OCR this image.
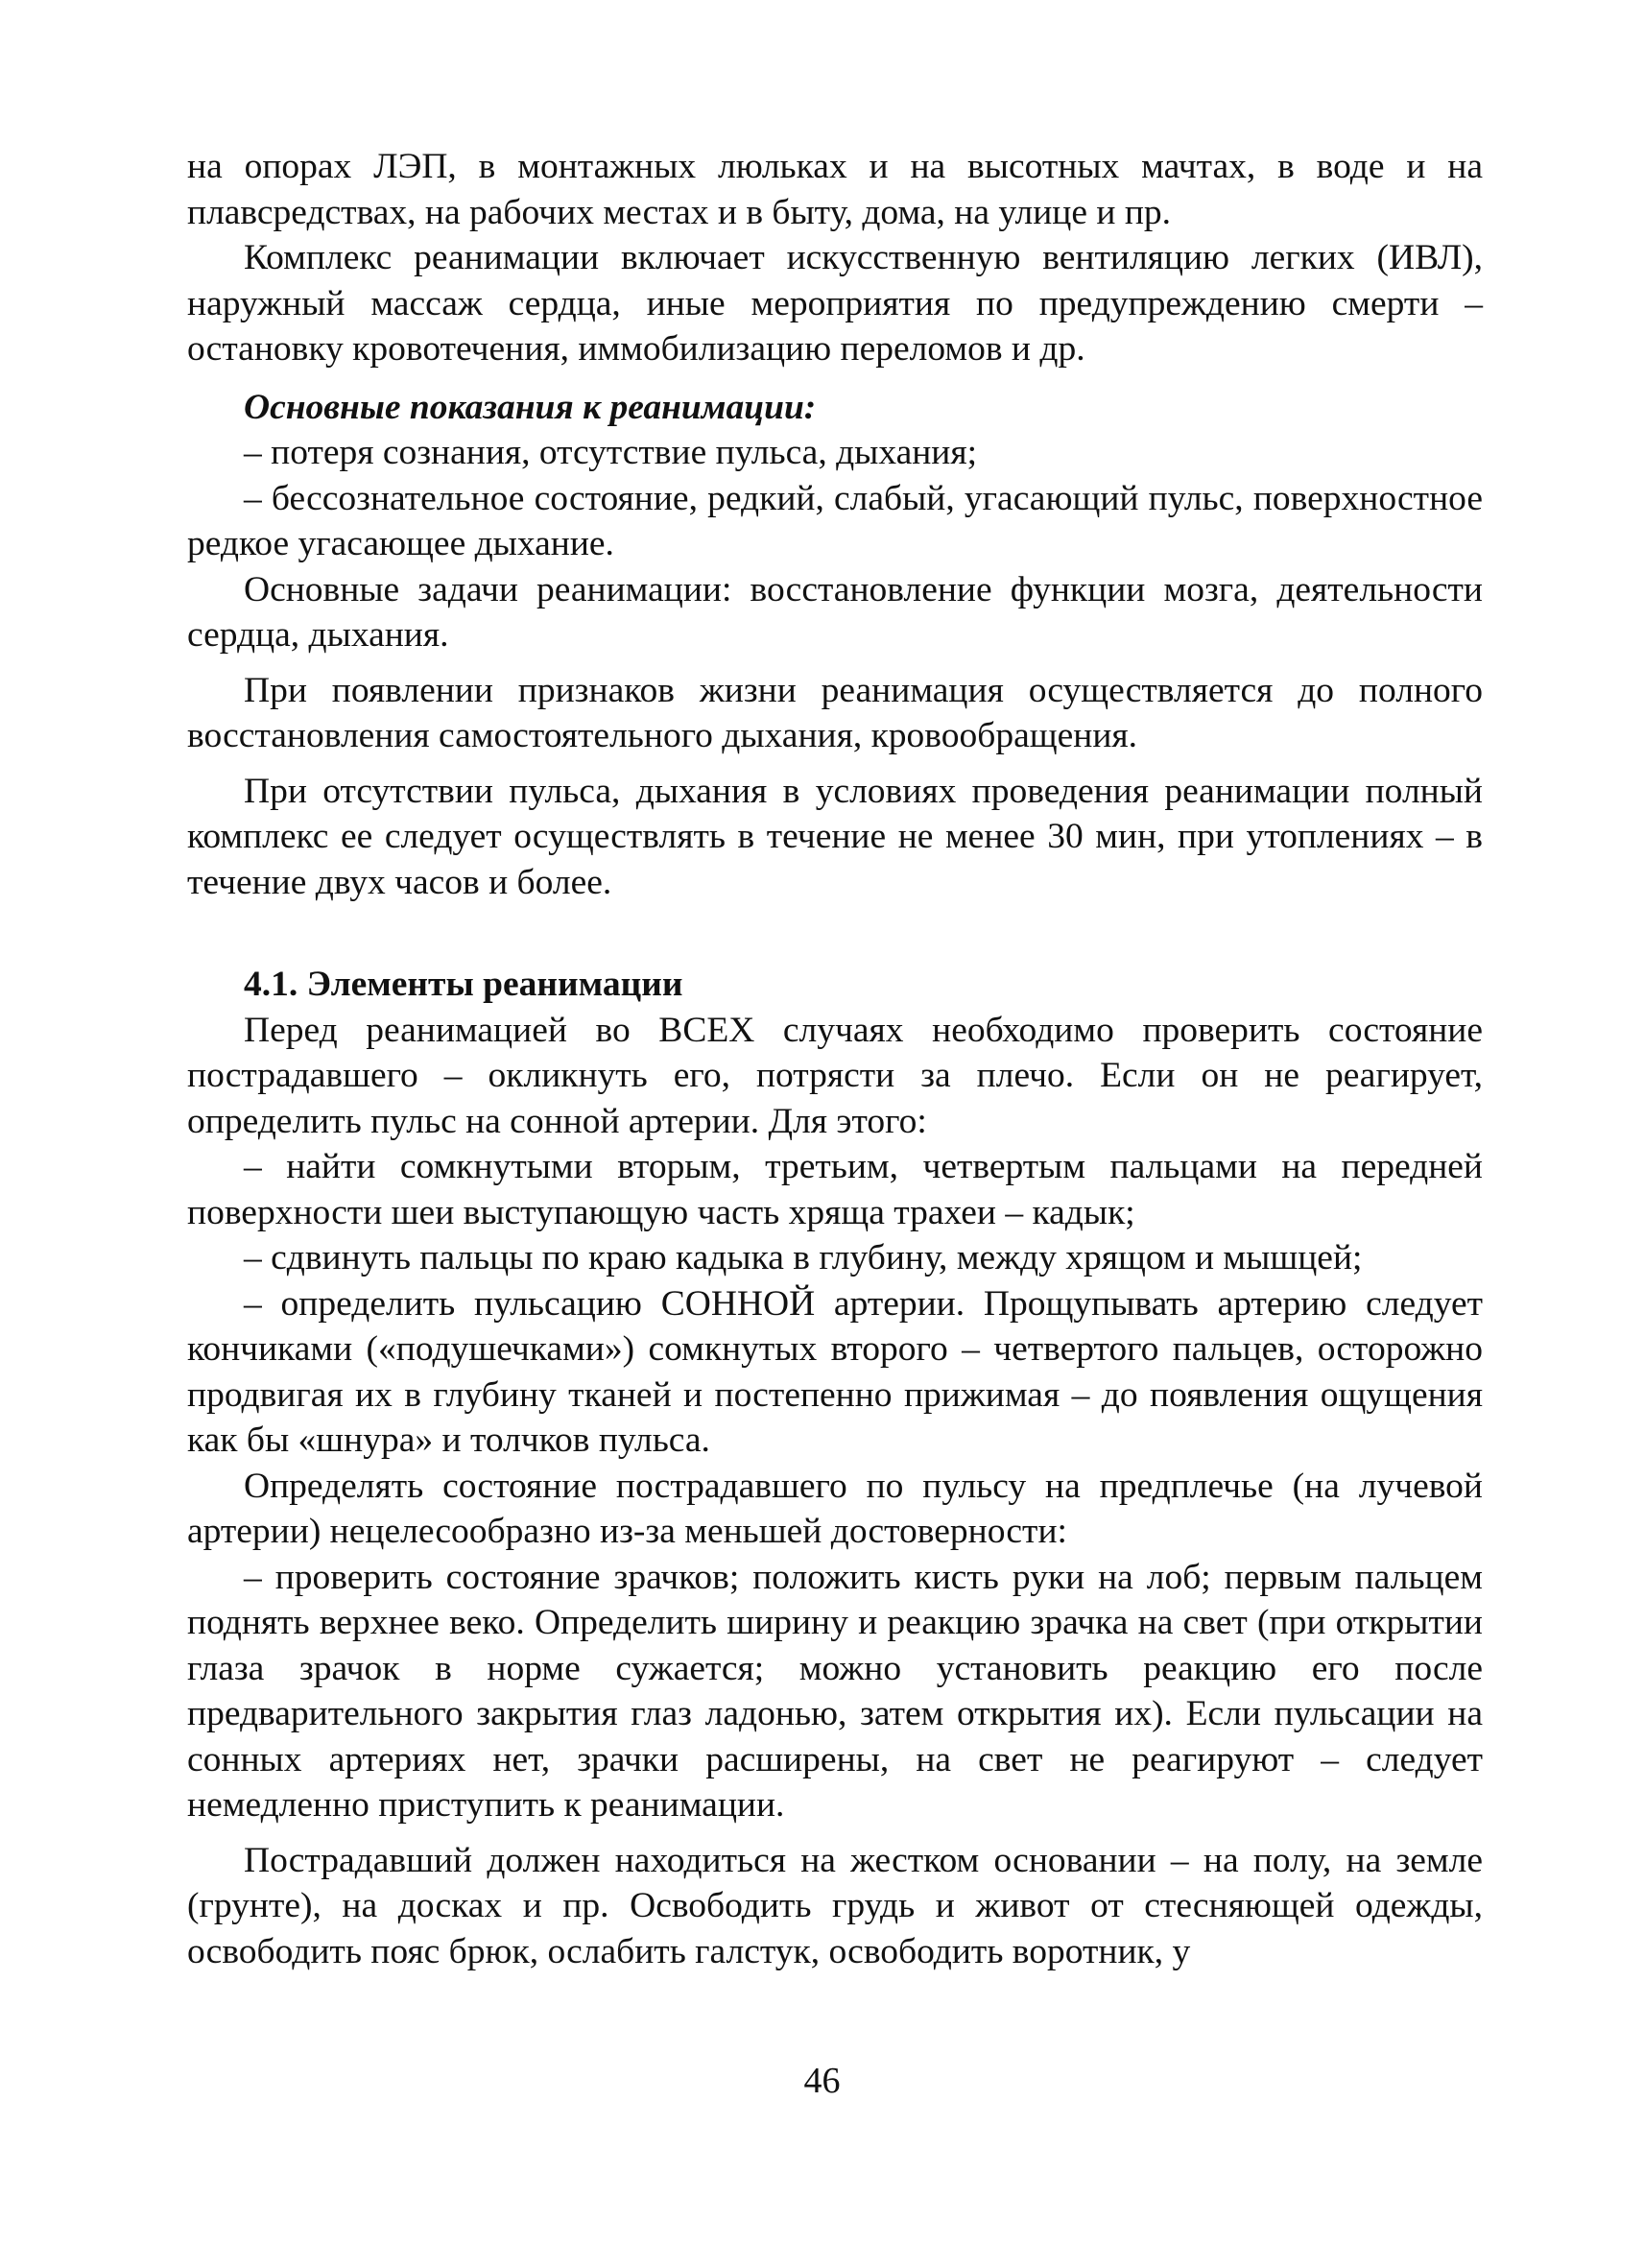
на опорах ЛЭП, в монтажных люльках и на высотных мачтах, в воде и на плавсредствах, на рабочих местах и в быту, дома, на улице и пр.

Комплекс реанимации включает искусственную вентиляцию легких (ИВЛ), наружный массаж сердца, иные мероприятия по предупреждению смерти – остановку кровотечения, иммобилизацию переломов и др.

Основные показания к реанимации:

– потеря сознания, отсутствие пульса, дыхания;

– бессознательное состояние, редкий, слабый, угасающий пульс, поверхностное редкое угасающее дыхание.

Основные задачи реанимации: восстановление функции мозга, деятельности сердца, дыхания.

При появлении признаков жизни реанимация осуществляется до полного восстановления самостоятельного дыхания, кровообращения.

При отсутствии пульса, дыхания в условиях проведения реанимации полный комплекс ее следует осуществлять в течение не менее 30 мин, при утоплениях – в течение двух часов и более.

4.1. Элементы реанимации

Перед реанимацией во ВСЕХ случаях необходимо проверить состояние пострадавшего – окликнуть его, потрясти за плечо. Если он не реагирует, определить пульс на сонной артерии. Для этого:

– найти сомкнутыми вторым, третьим, четвертым пальцами на передней поверхности шеи выступающую часть хряща трахеи – кадык;

– сдвинуть пальцы по краю кадыка в глубину, между хрящом и мышцей;

– определить пульсацию СОННОЙ артерии. Прощупывать артерию следует кончиками («подушечками») сомкнутых второго – четвертого пальцев, осторожно продвигая их в глубину тканей и постепенно прижимая – до появления ощущения как бы «шнура» и толчков пульса.

Определять состояние пострадавшего по пульсу на предплечье (на лучевой артерии) нецелесообразно из-за меньшей достоверности:

– проверить состояние зрачков; положить кисть руки на лоб; первым пальцем поднять верхнее веко. Определить ширину и реакцию зрачка на свет (при открытии глаза зрачок в норме сужается; можно установить реакцию его после предварительного закрытия глаз ладонью, затем открытия их). Если пульсации на сонных артериях нет, зрачки расширены, на свет не реагируют – следует немедленно приступить к реанимации.

Пострадавший должен находиться на жестком основании – на полу, на земле (грунте), на досках и пр. Освободить грудь и живот от стесняющей одежды, освободить пояс брюк, ослабить галстук, освободить воротник, у

46
